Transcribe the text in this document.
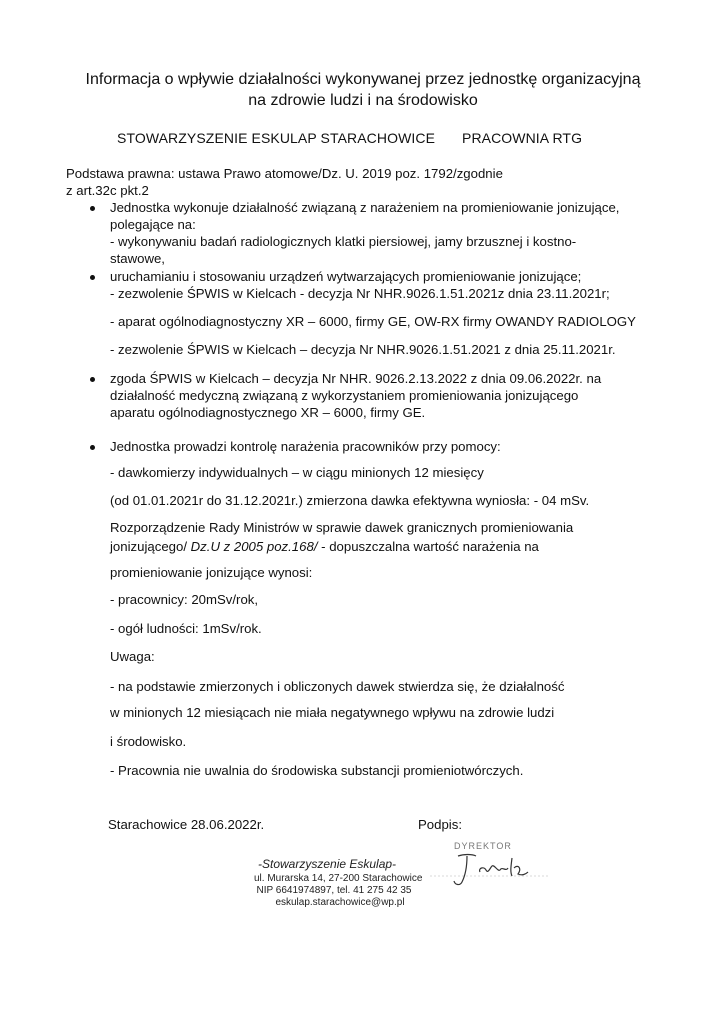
Informacja o wpływie działalności wykonywanej przez jednostkę organizacyjną
na zdrowie ludzi i na środowisko
STOWARZYSZENIE ESKULAP STARACHOWICE PRACOWNIA RTG
Podstawa prawna: ustawa Prawo atomowe/Dz. U. 2019 poz. 1792/zgodnie
z art.32c pkt.2
Jednostka wykonuje działalność związaną z narażeniem na promieniowanie jonizujące,
polegające na:
- wykonywaniu badań radiologicznych klatki piersiowej, jamy brzusznej i kostno-
stawowe,
uruchamianiu i stosowaniu urządzeń wytwarzających promieniowanie jonizujące;
- zezwolenie ŚPWIS w Kielcach - decyzja Nr NHR.9026.1.51.2021z dnia 23.11.2021r;
- aparat ogólnodiagnostyczny XR – 6000, firmy GE, OW-RX firmy OWANDY RADIOLOGY
- zezwolenie ŚPWIS w Kielcach – decyzja Nr NHR.9026.1.51.2021 z dnia 25.11.2021r.
zgoda ŚPWIS w Kielcach – decyzja Nr NHR. 9026.2.13.2022 z dnia 09.06.2022r. na
działalność medyczną związaną z wykorzystaniem promieniowania jonizującego
aparatu ogólnodiagnostycznego XR – 6000, firmy GE.
Jednostka prowadzi kontrolę narażenia pracowników przy pomocy:
- dawkomierzy indywidualnych – w ciągu minionych 12 miesięcy
(od 01.01.2021r do 31.12.2021r.) zmierzona dawka efektywna wyniosła: - 04 mSv.
Rozporządzenie Rady Ministrów w sprawie dawek granicznych promieniowania
jonizującego/ Dz.U z 2005 poz.168/ - dopuszczalna wartość narażenia na
promieniowanie jonizujące wynosi:
- pracownicy: 20mSv/rok,
- ogół ludności: 1mSv/rok.
Uwaga:
- na podstawie zmierzonych i obliczonych dawek stwierdza się, że działalność
w minionych 12 miesiącach nie miała negatywnego wpływu na zdrowie ludzi
i środowisko.
- Pracownia nie uwalnia do środowiska substancji promieniotwórczych.
Starachowice 28.06.2022r.	Podpis:
-Stowarzyszenie Eskulap-
ul. Murarska 14, 27-200 Starachowice
NIP 6641974897, tel. 41 275 42 35
eskulap.starachowice@wp.pl
DYREKTOR
